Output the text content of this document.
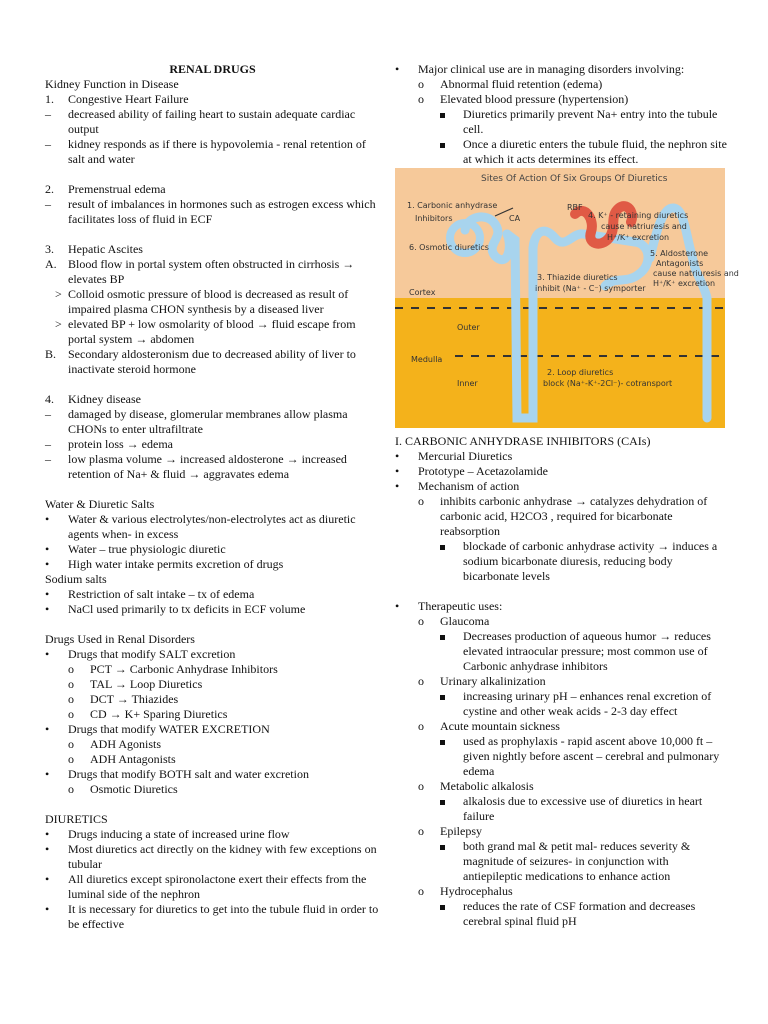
RENAL DRUGS
Kidney Function in Disease
1. Congestive Heart Failure
– decreased ability of failing heart to sustain adequate cardiac output
– kidney responds as if there is hypovolemia - renal retention of salt and water
2. Premenstrual edema
– result of imbalances in hormones such as estrogen excess which facilitates loss of fluid in ECF
3. Hepatic Ascites
A. Blood flow in portal system often obstructed in cirrhosis → elevates BP
> Colloid osmotic pressure of blood is decreased as result of impaired plasma CHON synthesis by a diseased liver
> elevated BP + low osmolarity of blood → fluid escape from portal system → abdomen
B. Secondary aldosteronism due to decreased ability of liver to inactivate steroid hormone
4. Kidney disease
– damaged by disease, glomerular membranes allow plasma CHONs to enter ultrafiltrate
– protein loss → edema
– low plasma volume → increased aldosterone → increased retention of Na+ & fluid → aggravates edema
Water & Diuretic Salts
• Water & various electrolytes/non-electrolytes act as diuretic agents when- in excess
• Water – true physiologic diuretic
• High water intake permits excretion of drugs
Sodium salts
• Restriction of salt intake – tx of edema
• NaCl used primarily to tx deficits in ECF volume
Drugs Used in Renal Disorders
• Drugs that modify SALT excretion
o PCT → Carbonic Anhydrase Inhibitors
o TAL → Loop Diuretics
o DCT → Thiazides
o CD → K+ Sparing Diuretics
• Drugs that modify WATER EXCRETION
o ADH Agonists
o ADH Antagonists
• Drugs that modify BOTH salt and water excretion
o Osmotic Diuretics
DIURETICS
• Drugs inducing a state of increased urine flow
• Most diuretics act directly on the kidney with few exceptions on tubular
• All diuretics except spironolactone exert their effects from the luminal side of the nephron
• It is necessary for diuretics to get into the tubule fluid in order to be effective
• Major clinical use are in managing disorders involving:
o Abnormal fluid retention (edema)
o Elevated blood pressure (hypertension)
Diuretics primarily prevent Na+ entry into the tubule cell.
Once a diuretic enters the tubule fluid, the nephron site at which it acts determines its effect.
I. CARBONIC ANHYDRASE INHIBITORS (CAIs)
• Mercurial Diuretics
• Prototype – Acetazolamide
• Mechanism of action
o inhibits carbonic anhydrase → catalyzes dehydration of carbonic acid, H2CO3 , required for bicarbonate reabsorption
blockade of carbonic anhydrase activity → induces a sodium bicarbonate diuresis, reducing body bicarbonate levels
• Therapeutic uses:
o Glaucoma
Decreases production of aqueous humor → reduces elevated intraocular pressure; most common use of Carbonic anhydrase inhibitors
o Urinary alkalinization
increasing urinary pH – enhances renal excretion of cystine and other weak acids - 2-3 day effect
o Acute mountain sickness
used as prophylaxis - rapid ascent above 10,000 ft – given nightly before ascent – cerebral and pulmonary edema
o Metabolic alkalosis
alkalosis due to excessive use of diuretics in heart failure
o Epilepsy
both grand mal & petit mal- reduces severity & magnitude of seizures- in conjunction with antiepileptic medications to enhance action
o Hydrocephalus
reduces the rate of CSF formation and decreases cerebral spinal fluid pH
Sites Of Action Of Six Groups Of Diuretics
1. Carbonic anhydrase
Inhibitors	CA
RBF
4. K⁺ - retaining diuretics
cause natriuresis and
H⁺/K⁺ excretion
6. Osmotic diuretics
5. Aldosterone
Antagonists
cause natriuresis and
H⁺/K⁺ excretion
3. Thiazide diuretics
inhibit (Na⁺ - C⁻) symporter
Cortex
Outer
Medulla
Inner
2. Loop diuretics
block (Na⁺-K⁺-2Cl⁻)- cotransport
